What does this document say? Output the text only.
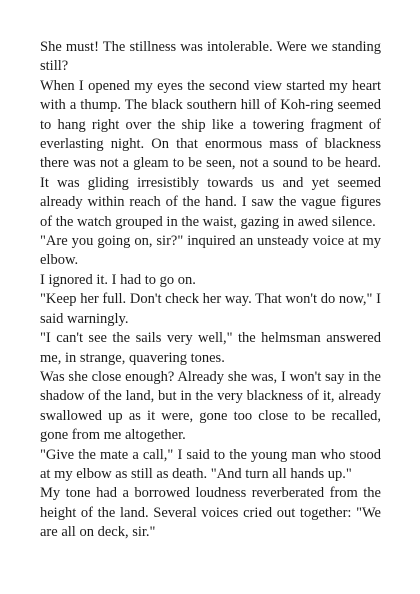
She must! The stillness was intolerable. Were we standing still?

When I opened my eyes the second view started my heart with a thump. The black southern hill of Koh-ring seemed to hang right over the ship like a towering fragment of everlasting night. On that enormous mass of blackness there was not a gleam to be seen, not a sound to be heard. It was gliding irresistibly towards us and yet seemed already within reach of the hand. I saw the vague figures of the watch grouped in the waist, gazing in awed silence.

"Are you going on, sir?" inquired an unsteady voice at my elbow.

I ignored it. I had to go on.

"Keep her full. Don't check her way. That won't do now," I said warningly.

"I can't see the sails very well," the helmsman answered me, in strange, quavering tones.

Was she close enough? Already she was, I won't say in the shadow of the land, but in the very blackness of it, already swallowed up as it were, gone too close to be recalled, gone from me altogether.

"Give the mate a call," I said to the young man who stood at my elbow as still as death. "And turn all hands up."

My tone had a borrowed loudness reverberated from the height of the land. Several voices cried out together: "We are all on deck, sir."
